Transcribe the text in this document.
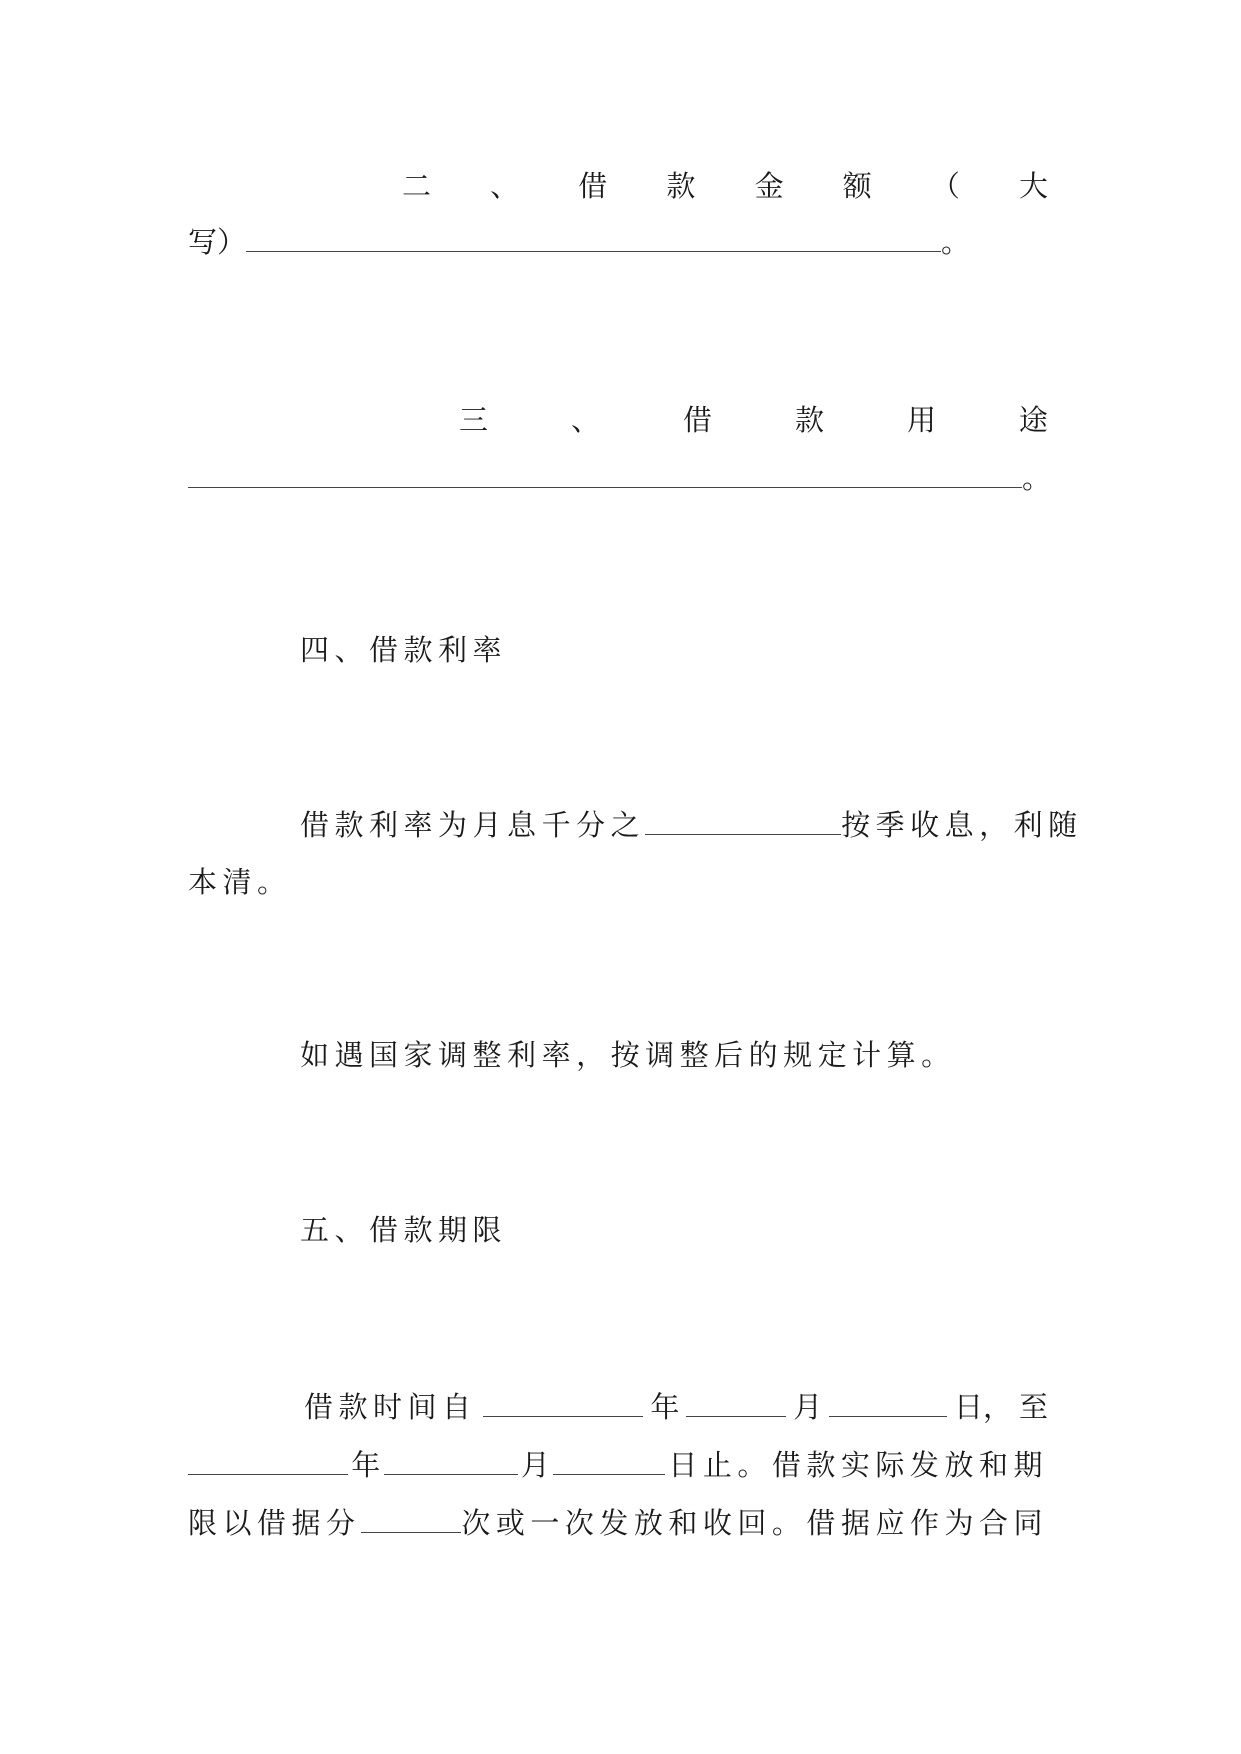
二 、 借 款 金 额 （ 大
写）	。
三	、	借	款	用	途
。
四、借款利率
借款利率为月息千分之	按季收息，利随
本清。
如遇国家调整利率，按调整后的规定计算。
五、借款期限
借款时间自	年	月	日， 至
年	月	日止。借款实际发放和期
限以借据分	次或一次发放和收回。借据应作为合同
